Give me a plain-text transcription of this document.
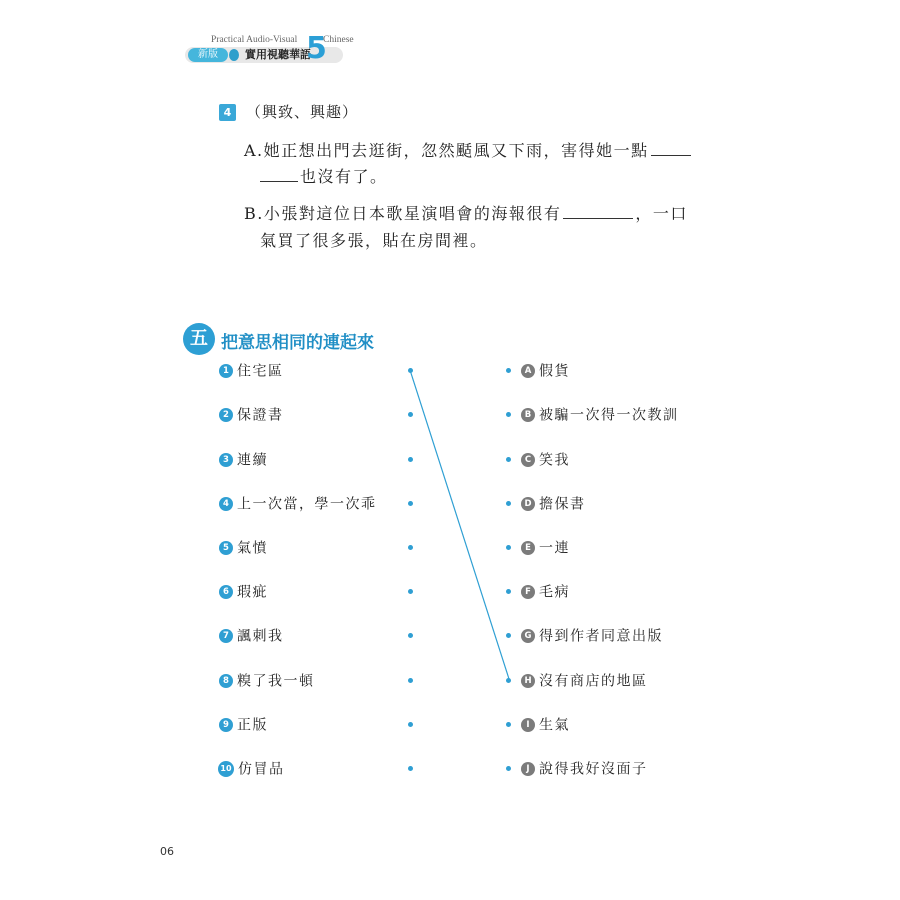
Practical Audio-Visual	Chinese
新版	實用視聽華語
5
4 （興致、興趣）
A.她正想出門去逛街，忽然颳風又下雨，害得她一點
也沒有了。
B.小張對這位日本歌星演唱會的海報很有	，一口
氣買了很多張，貼在房間裡。
五 把意思相同的連起來
1 住宅區
2 保證書
3 連續
4 上一次當，學一次乖
5 氣憤
6 瑕疵
7 諷刺我
8 糗了我一頓
9 正版
10 仿冒品
A 假貨
B 被騙一次得一次教訓
C 笑我
D 擔保書
E 一連
F 毛病
G 得到作者同意出版
H 沒有商店的地區
I 生氣
J 說得我好沒面子
06
